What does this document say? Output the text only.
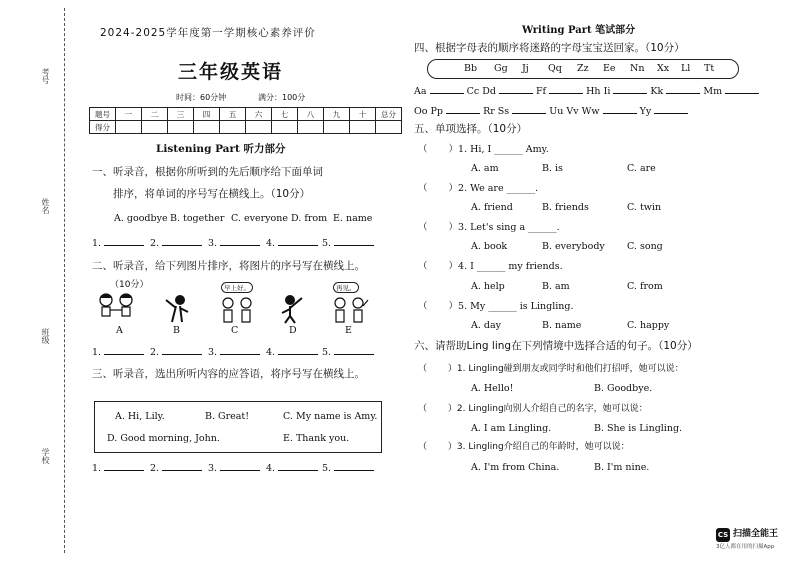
考号
姓名
班级
学校
2024-2025学年度第一学期核心素养评价
三年级英语
时间：60分钟	满分：100分
题号	一	二	三	四	五	六	七	八	九	十	总分
得分											
Listening Part 听力部分
一、听录音，根据你所听到的先后顺序给下面单词
排序，将单词的序号写在横线上。（10分）
A. goodbye B. together C. everyone D. from E. name
1.	2.	3.	4.	5.
二、听录音，给下列图片排序，将图片的序号写在横线上。
（10分）
A	B
早上好。
C	D
再见。
E
1.	2.	3.	4.	5.
三、听录音，选出所听内容的应答语，将序号写在横线上。
A. Hi, Lily.	B. Great!	C. My name is Amy.
D. Good morning, John.	E. Thank you.
1.	2.	3.	4.	5.
Writing Part 笔试部分
四、根据字母表的顺序将迷路的字母宝宝送回家。（10分）
Bb Gg Jj Qq Zz Ee Nn Xx Ll Tt
Aa	Cc Dd	Ff	Hh Ii	Kk	Mm
Oo Pp	Rr Ss	Uu Vv Ww	Yy
五、单项选择。（10分）
（ ）1. Hi, I ______ Amy.
A. am	B. is	C. are
（ ）2. We are ______.
A. friend	B. friends	C. twin
（ ）3. Let's sing a ______.
A. book	B. everybody C. song
（ ）4. I ______ my friends.
A. help	B. am	C. from
（ ）5. My ______ is Lingling.
A. day	B. name	C. happy
六、请帮助Ling ling在下列情境中选择合适的句子。（10分）
（ ）1. Lingling碰到朋友或同学时和他们打招呼，她可以说：
A. Hello!	B. Goodbye.
（ ）2. Lingling向别人介绍自己的名字，她可以说：
A. I am Lingling.	B. She is Lingling.
（ ）3. Lingling介绍自己的年龄时，她可以说：
A. I'm from China.	B. I'm nine.
CS 扫描全能王
3亿人都在用的扫描App
